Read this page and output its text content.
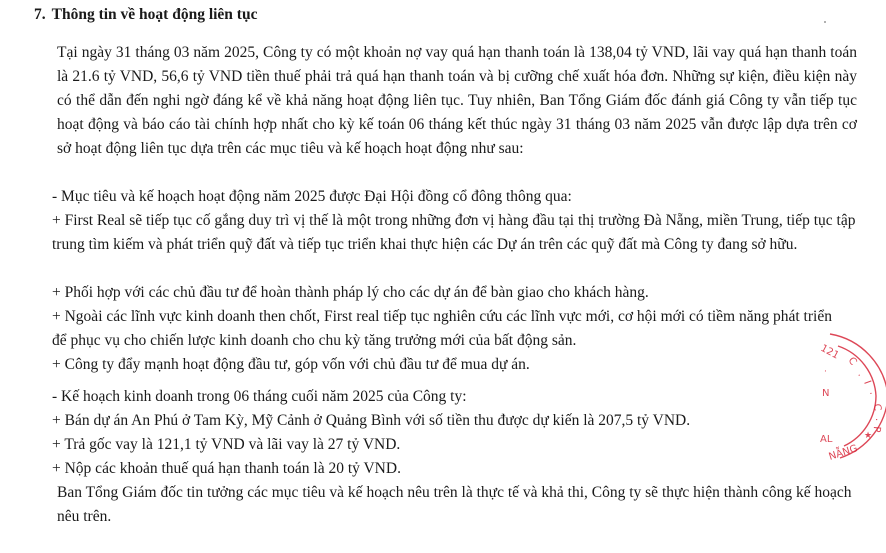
7. Thông tin về hoạt động liên tục

Tại ngày 31 tháng 03 năm 2025, Công ty có một khoản nợ vay quá hạn thanh toán là 138,04 tỷ VND, lãi vay quá hạn thanh toán là 21.6 tỷ VND, 56,6 tỷ VND tiền thuế phải trả quá hạn thanh toán và bị cưỡng chế xuất hóa đơn. Những sự kiện, điều kiện này có thể dẫn đến nghi ngờ đáng kể về khả năng hoạt động liên tục. Tuy nhiên, Ban Tổng Giám đốc đánh giá Công ty vẫn tiếp tục hoạt động và báo cáo tài chính hợp nhất cho kỳ kế toán 06 tháng kết thúc ngày 31 tháng 03 năm 2025 vẫn được lập dựa trên cơ sở hoạt động liên tục dựa trên các mục tiêu và kế hoạch hoạt động như sau:

- Mục tiêu và kế hoạch hoạt động năm 2025 được Đại Hội đồng cổ đông thông qua:

+ First Real sẽ tiếp tục cố gắng duy trì vị thế là một trong những đơn vị hàng đầu tại thị trường Đà Nẵng, miền Trung, tiếp tục tập trung tìm kiếm và phát triển quỹ đất và tiếp tục triển khai thực hiện các Dự án trên các quỹ đất mà Công ty đang sở hữu.

+ Phối hợp với các chủ đầu tư để hoàn thành pháp lý cho các dự án để bàn giao cho khách hàng.

+ Ngoài các lĩnh vực kinh doanh then chốt, First real tiếp tục nghiên cứu các lĩnh vực mới, cơ hội mới có tiềm năng phát triển để phục vụ cho chiến lược kinh doanh cho chu kỳ tăng trưởng mới của bất động sản.

+ Công ty đẩy mạnh hoạt động đầu tư, góp vốn với chủ đầu tư để mua dự án.

- Kế hoạch kinh doanh trong 06 tháng cuối năm 2025 của Công ty:

+ Bán dự án An Phú ở Tam Kỳ, Mỹ Cảnh ở Quảng Bình với số tiền thu được dự kiến là 207,5 tỷ VND.

+ Trả gốc vay là 121,1 tỷ VND và lãi vay là 27 tỷ VND.

+ Nộp các khoản thuế quá hạn thanh toán là 20 tỷ VND.

Ban Tổng Giám đốc tin tưởng các mục tiêu và kế hoạch nêu trên là thực tế và khả thi, Công ty sẽ thực hiện thành công kế hoạch nêu trên.

121 C
.
I
.
C
.
P
N
AL
NẴNG
★
·
